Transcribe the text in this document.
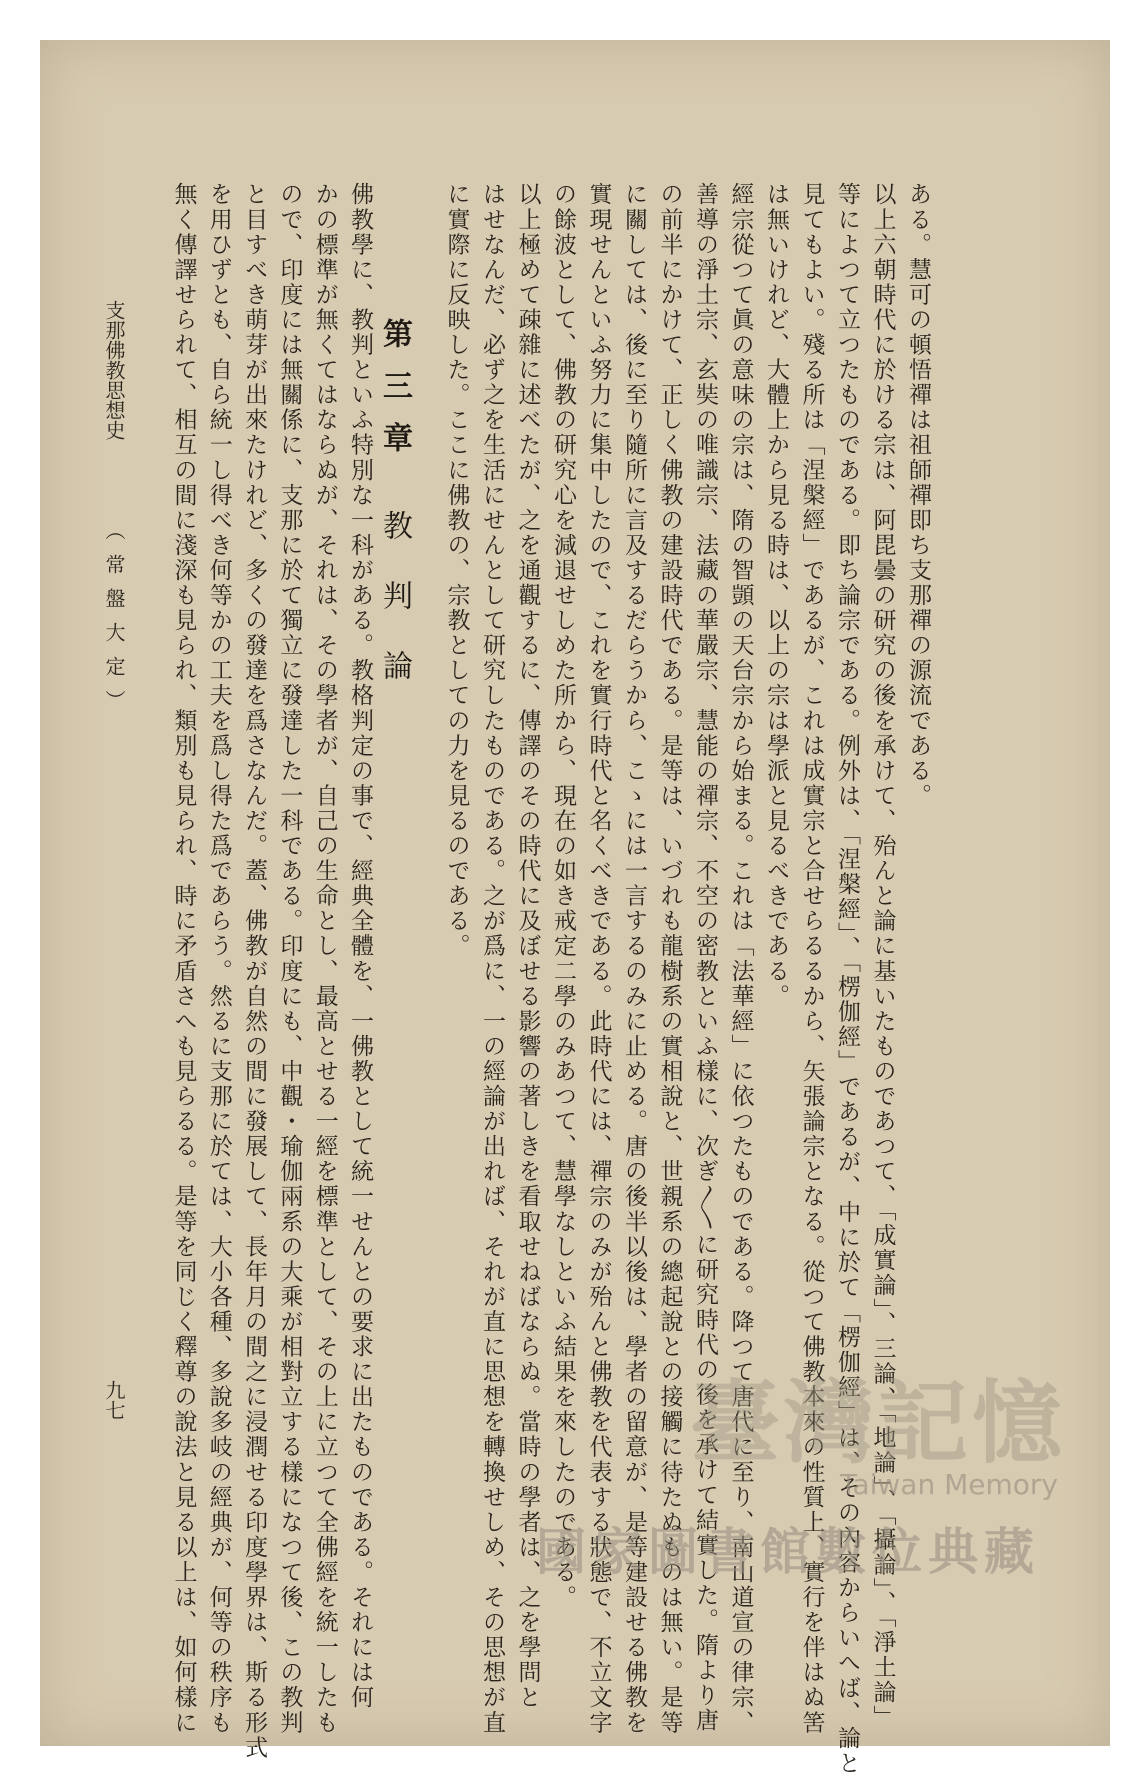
ある。慧可の頓悟禪は祖師禪即ち支那禪の源流である。
以上六朝時代に於ける宗は、阿毘曇の研究の後を承けて、殆んと論に基いたものであつて、「成實論」、三論、「地論」、「攝論」、「淨土論」
等によつて立つたものである。即ち論宗である。例外は、「涅槃經」、「楞伽經」であるが、中に於て「楞伽經」は、その內容からいへば、論と
見てもよい。殘る所は「涅槃經」であるが、これは成實宗と合せらるるから、矢張論宗となる。從つて佛教本來の性質上、實行を伴はぬ筈
は無いけれど、大體上から見る時は、以上の宗は學派と見るべきである。
經宗從つて眞の意味の宗は、隋の智顗の天台宗から始まる。これは「法華經」に依つたものである。降つて唐代に至り、南山道宣の律宗、
善導の淨土宗、玄奘の唯識宗、法藏の華嚴宗、慧能の禪宗、不空の密教といふ樣に、次ぎ〳〵に研究時代の後を承けて結實した。隋より唐
の前半にかけて、正しく佛教の建設時代である。是等は、いづれも龍樹系の實相說と、世親系の總起說との接觸に待たぬものは無い。是等
に關しては、後に至り隨所に言及するだらうから、こゝには一言するのみに止める。唐の後半以後は、學者の留意が、是等建設せる佛教を
實現せんといふ努力に集中したので、これを實行時代と名くべきである。此時代には、禪宗のみが殆んと佛教を代表する狀態で、不立文字
の餘波として、佛教の研究心を減退せしめた所から、現在の如き戒定二學のみあつて、慧學なしといふ結果を來したのである。
以上極めて疎雜に述べたが、之を通觀するに、傳譯のその時代に及ぼせる影響の著しきを看取せねばならぬ。當時の學者は、之を學問と
はせなんだ、必ず之を生活にせんとして研究したものである。之が爲に、一の經論が出れば、それが直に思想を轉換せしめ、その思想が直
に實際に反映した。ここに佛教の、宗教としての力を見るのである。
第三章教判論
佛教學に、教判といふ特別な一科がある。教格判定の事で、經典全體を、一佛教として統一せんとの要求に出たものである。それには何
かの標準が無くてはならぬが、それは、その學者が、自己の生命とし、最高とせる一經を標準として、その上に立つて全佛經を統一したも
ので、印度には無關係に、支那に於て獨立に發達した一科である。印度にも、中觀・瑜伽兩系の大乘が相對立する樣になつて後、この教判
と目すべき萌芽が出來たけれど、多くの發達を爲さなんだ。蓋、佛教が自然の間に發展して、長年月の間之に浸潤せる印度學界は、斯る形式
を用ひずとも、自ら統一し得べき何等かの工夫を爲し得た爲であらう。然るに支那に於ては、大小各種、多說多岐の經典が、何等の秩序も
無く傳譯せられて、相互の間に淺深も見られ、類別も見られ、時に矛盾さへも見らるる。是等を同じく釋尊の說法と見る以上は、如何樣に
支那佛教思想史
（常盤大定）
九七	臺灣記憶
Taiwan Memory
國家圖書館數位典藏
